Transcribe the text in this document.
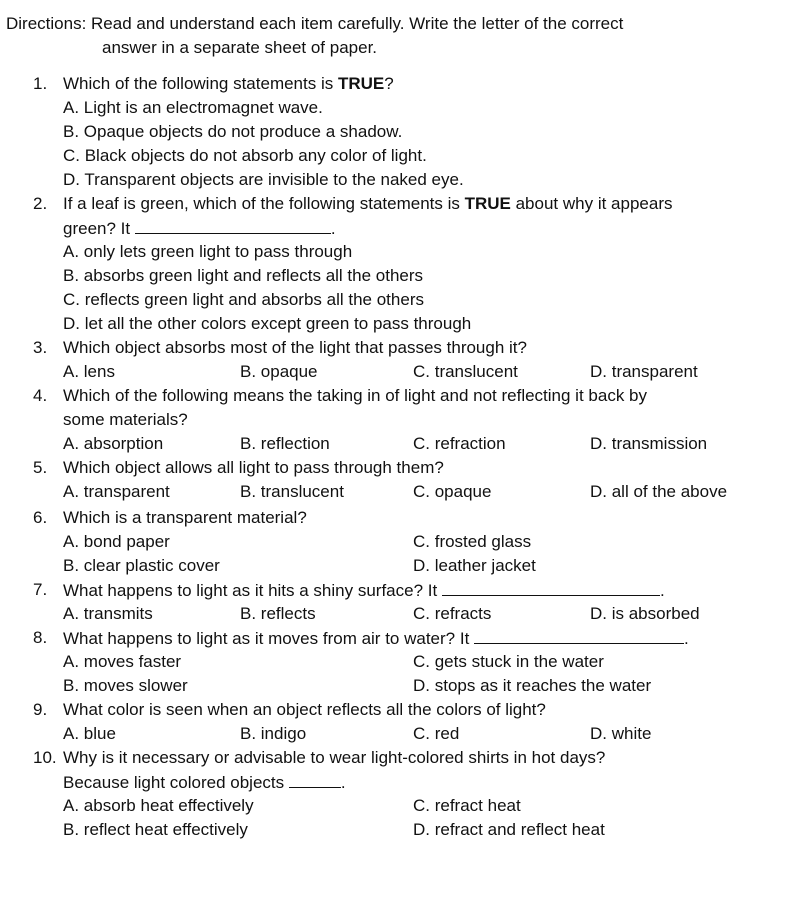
Directions: Read and understand each item carefully. Write the letter of the correct
answer in a separate sheet of paper.
1. Which of the following statements is TRUE?
A. Light is an electromagnet wave.
B. Opaque objects do not produce a shadow.
C. Black objects do not absorb any color of light.
D. Transparent objects are invisible to the naked eye.
2. If a leaf is green, which of the following statements is TRUE about why it appears
green? It	.
A. only lets green light to pass through
B. absorbs green light and reflects all the others
C. reflects green light and absorbs all the others
D. let all the other colors except green to pass through
3. Which object absorbs most of the light that passes through it?
A. lens	B. opaque	C. translucent	D. transparent
4. Which of the following means the taking in of light and not reflecting it back by
some materials?
A. absorption	B. reflection	C. refraction	D. transmission
5. Which object allows all light to pass through them?
A. transparent	B. translucent	C. opaque	D. all of the above
6. Which is a transparent material?
A. bond paper	C. frosted glass
B. clear plastic cover	D. leather jacket
7. What happens to light as it hits a shiny surface? It	.
A. transmits	B. reflects	C. refracts	D. is absorbed
8. What happens to light as it moves from air to water? It	.
A. moves faster	C. gets stuck in the water
B. moves slower	D. stops as it reaches the water
9. What color is seen when an object reflects all the colors of light?
A. blue	B. indigo	C. red	D. white
10. Why is it necessary or advisable to wear light-colored shirts in hot days?
Because light colored objects	.
A. absorb heat effectively	C. refract heat
B. reflect heat effectively	D. refract and reflect heat
